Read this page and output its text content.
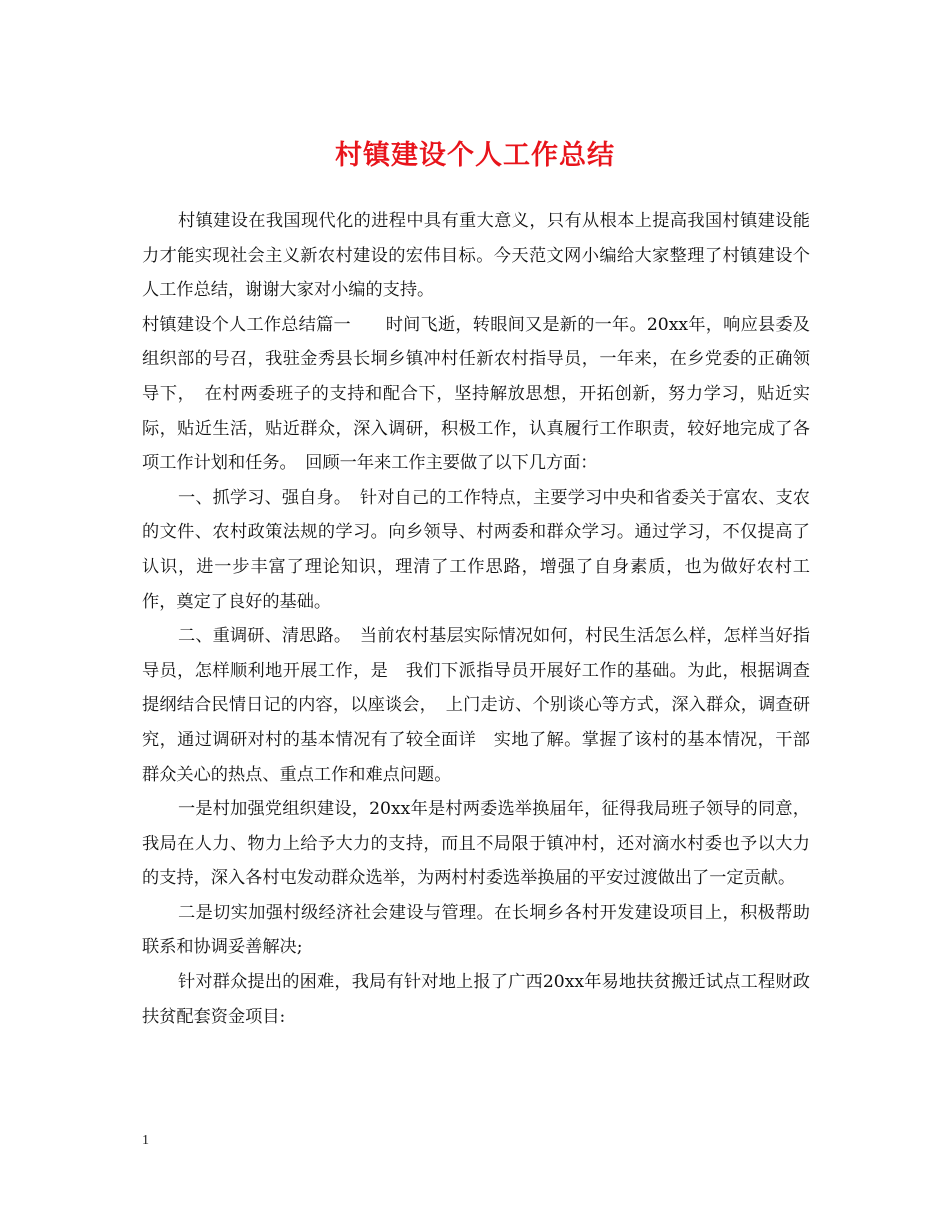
村镇建设个人工作总结

村镇建设在我国现代化的进程中具有重大意义，只有从根本上提高我国村镇建设能力才能实现社会主义新农村建设的宏伟目标。今天范文网小编给大家整理了村镇建设个人工作总结，谢谢大家对小编的支持。

村镇建设个人工作总结篇一　　时间飞逝，转眼间又是新的一年。20xx年，响应县委及组织部的号召，我驻金秀县长垌乡镇冲村任新农村指导员，一年来，在乡党委的正确领导下，　在村两委班子的支持和配合下，坚持解放思想，开拓创新，努力学习，贴近实际，贴近生活，贴近群众，深入调研，积极工作，认真履行工作职责，较好地完成了各项工作计划和任务。　回顾一年来工作主要做了以下几方面：

一、抓学习、强自身。　针对自己的工作特点，主要学习中央和省委关于富农、支农的文件、农村政策法规的学习。向乡领导、村两委和群众学习。通过学习，不仅提高了认识，进一步丰富了理论知识，理清了工作思路，增强了自身素质，也为做好农村工作，奠定了良好的基础。

二、重调研、清思路。　当前农村基层实际情况如何，村民生活怎么样，怎样当好指导员，怎样顺利地开展工作，是　我们下派指导员开展好工作的基础。为此，根据调查提纲结合民情日记的内容，以座谈会，　上门走访、个别谈心等方式，深入群众，调查研究，通过调研对村的基本情况有了较全面详　实地了解。掌握了该村的基本情况，干部群众关心的热点、重点工作和难点问题。

一是村加强党组织建设，20xx年是村两委选举换届年，征得我局班子领导的同意，我局在人力、物力上给予大力的支持，而且不局限于镇冲村，还对滴水村委也予以大力的支持，深入各村屯发动群众选举，为两村村委选举换届的平安过渡做出了一定贡献。

二是切实加强村级经济社会建设与管理。在长垌乡各村开发建设项目上，积极帮助联系和协调妥善解决;

针对群众提出的困难，我局有针对地上报了广西20xx年易地扶贫搬迁试点工程财政扶贫配套资金项目:

1
